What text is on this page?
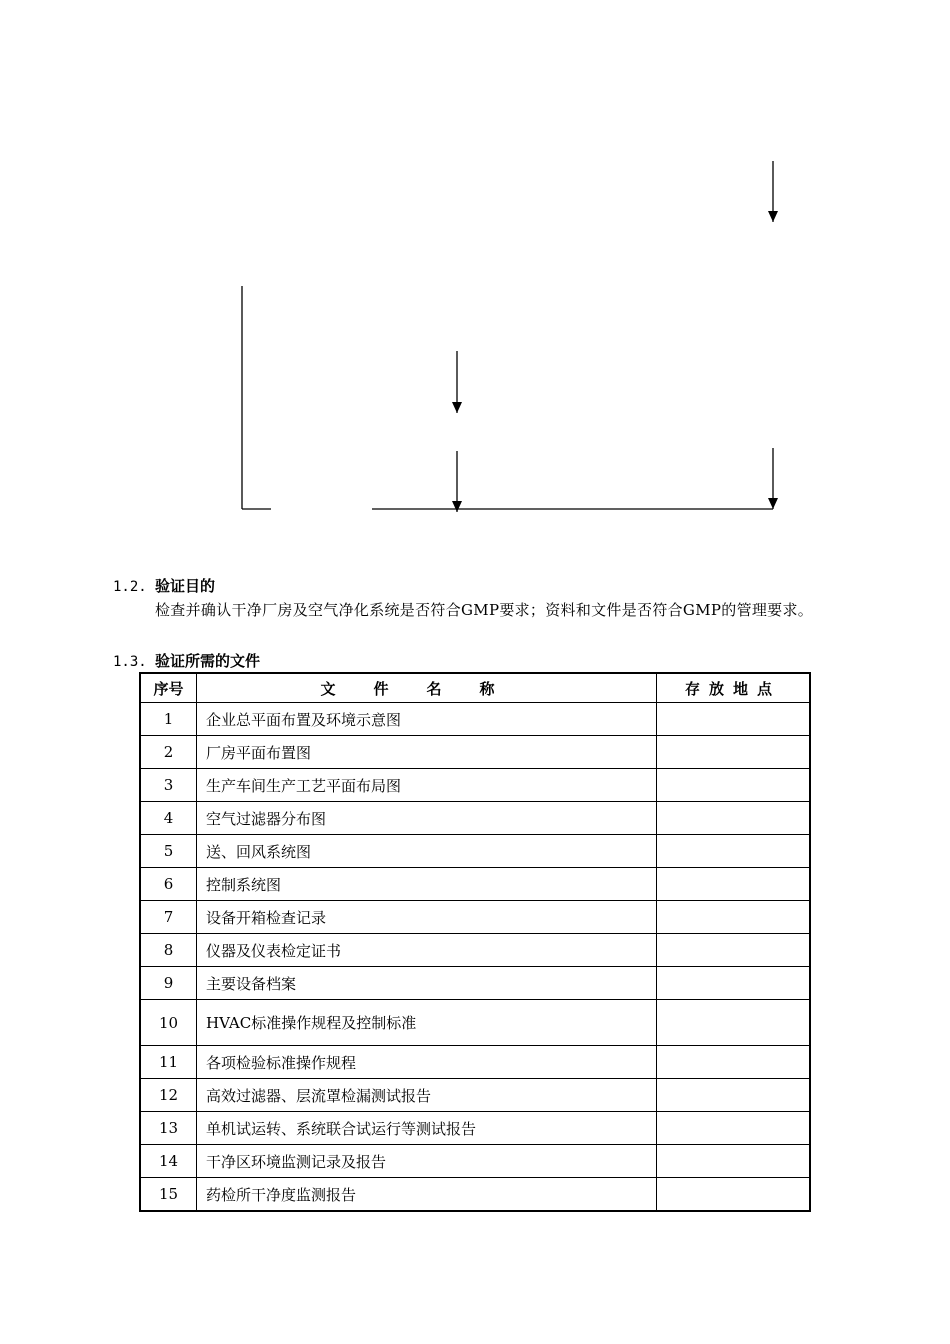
1.2. 验证目的
检查并确认干净厂房及空气净化系统是否符合GMP要求；资料和文件是否符合GMP的管理要求。
1.3. 验证所需的文件
序号	文件名称	存放地点
1	企业总平面布置及环境示意图	
2	厂房平面布置图	
3	生产车间生产工艺平面布局图	
4	空气过滤器分布图	
5	送、回风系统图	
6	控制系统图	
7	设备开箱检查记录	
8	仪器及仪表检定证书	
9	主要设备档案	
10	HVAC标准操作规程及控制标准	
11	各项检验标准操作规程	
12	高效过滤器、层流罩检漏测试报告	
13	单机试运转、系统联合试运行等测试报告	
14	干净区环境监测记录及报告	
15	药检所干净度监测报告	
